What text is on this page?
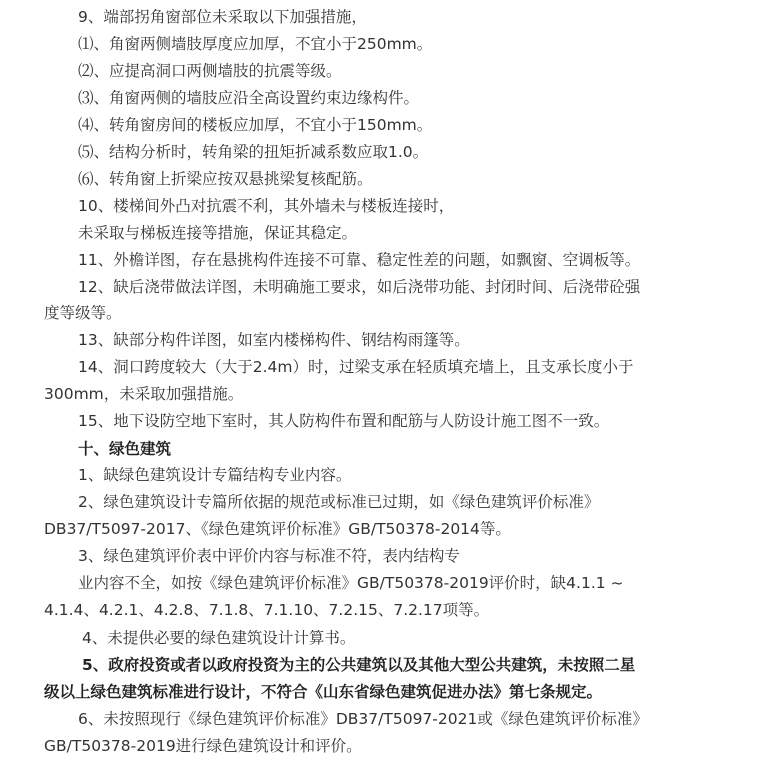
9、端部拐角窗部位未采取以下加强措施，
⑴、角窗两侧墙肢厚度应加厚，不宜小于250mm。
⑵、应提高洞口两侧墙肢的抗震等级。
⑶、角窗两侧的墙肢应沿全高设置约束边缘构件。
⑷、转角窗房间的楼板应加厚，不宜小于150mm。
⑸、结构分析时，转角梁的扭矩折减系数应取1.0。
⑹、转角窗上折梁应按双悬挑梁复核配筋。
10、楼梯间外凸对抗震不利，其外墙未与楼板连接时，
未采取与梯板连接等措施，保证其稳定。
11、外檐详图，存在悬挑构件连接不可靠、稳定性差的问题，如飘窗、空调板等。
12、缺后浇带做法详图，未明确施工要求，如后浇带功能、封闭时间、后浇带砼强
度等级等。
13、缺部分构件详图，如室内楼梯构件、钢结构雨篷等。
14、洞口跨度较大（大于2.4m）时，过梁支承在轻质填充墙上，且支承长度小于
300mm，未采取加强措施。
15、地下设防空地下室时，其人防构件布置和配筋与人防设计施工图不一致。
十、绿色建筑
1、缺绿色建筑设计专篇结构专业内容。
2、绿色建筑设计专篇所依据的规范或标准已过期，如《绿色建筑评价标准》
DB37/T5097-2017、《绿色建筑评价标准》GB/T50378-2014等。
3、绿色建筑评价表中评价内容与标准不符，表内结构专
业内容不全，如按《绿色建筑评价标准》GB/T50378-2019评价时，缺4.1.1 ~
4.1.4、4.2.1、4.2.8、7.1.8、7.1.10、7.2.15、7.2.17项等。
4、未提供必要的绿色建筑设计计算书。
5、政府投资或者以政府投资为主的公共建筑以及其他大型公共建筑，未按照二星
级以上绿色建筑标准进行设计，不符合《山东省绿色建筑促进办法》第七条规定。
6、未按照现行《绿色建筑评价标准》DB37/T5097-2021或《绿色建筑评价标准》
GB/T50378-2019进行绿色建筑设计和评价。
